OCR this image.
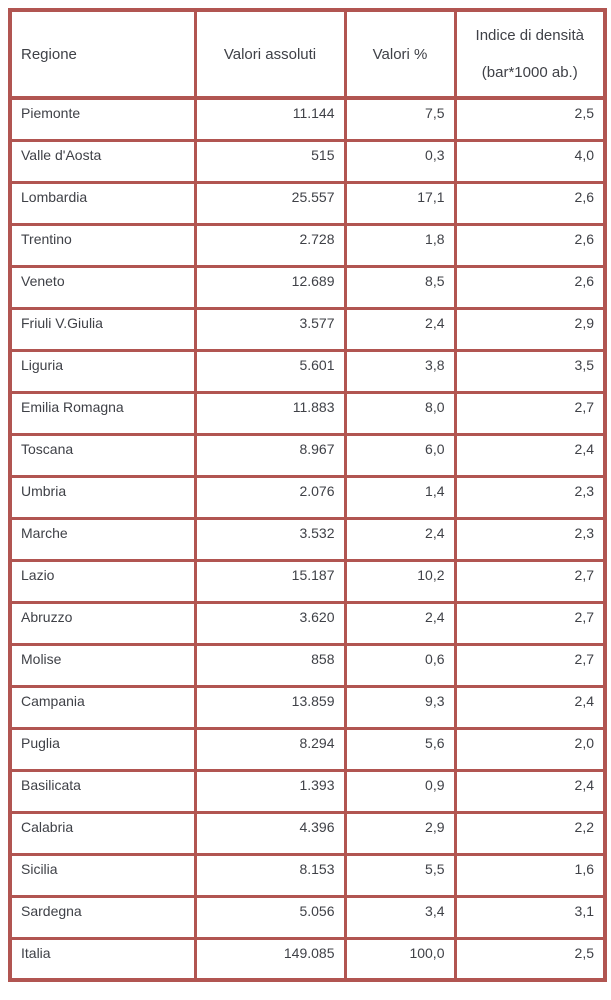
Regione	Valori assoluti	Valori %	Indice di densità
(bar*1000 ab.)

Piemonte	11.144	7,5	2,5
Valle d'Aosta	515	0,3	4,0
Lombardia	25.557	17,1	2,6
Trentino	2.728	1,8	2,6
Veneto	12.689	8,5	2,6
Friuli V.Giulia	3.577	2,4	2,9
Liguria	5.601	3,8	3,5
Emilia Romagna	11.883	8,0	2,7
Toscana	8.967	6,0	2,4
Umbria	2.076	1,4	2,3
Marche	3.532	2,4	2,3
Lazio	15.187	10,2	2,7
Abruzzo	3.620	2,4	2,7
Molise	858	0,6	2,7
Campania	13.859	9,3	2,4
Puglia	8.294	5,6	2,0
Basilicata	1.393	0,9	2,4
Calabria	4.396	2,9	2,2
Sicilia	8.153	5,5	1,6
Sardegna	5.056	3,4	3,1
Italia	149.085	100,0	2,5
